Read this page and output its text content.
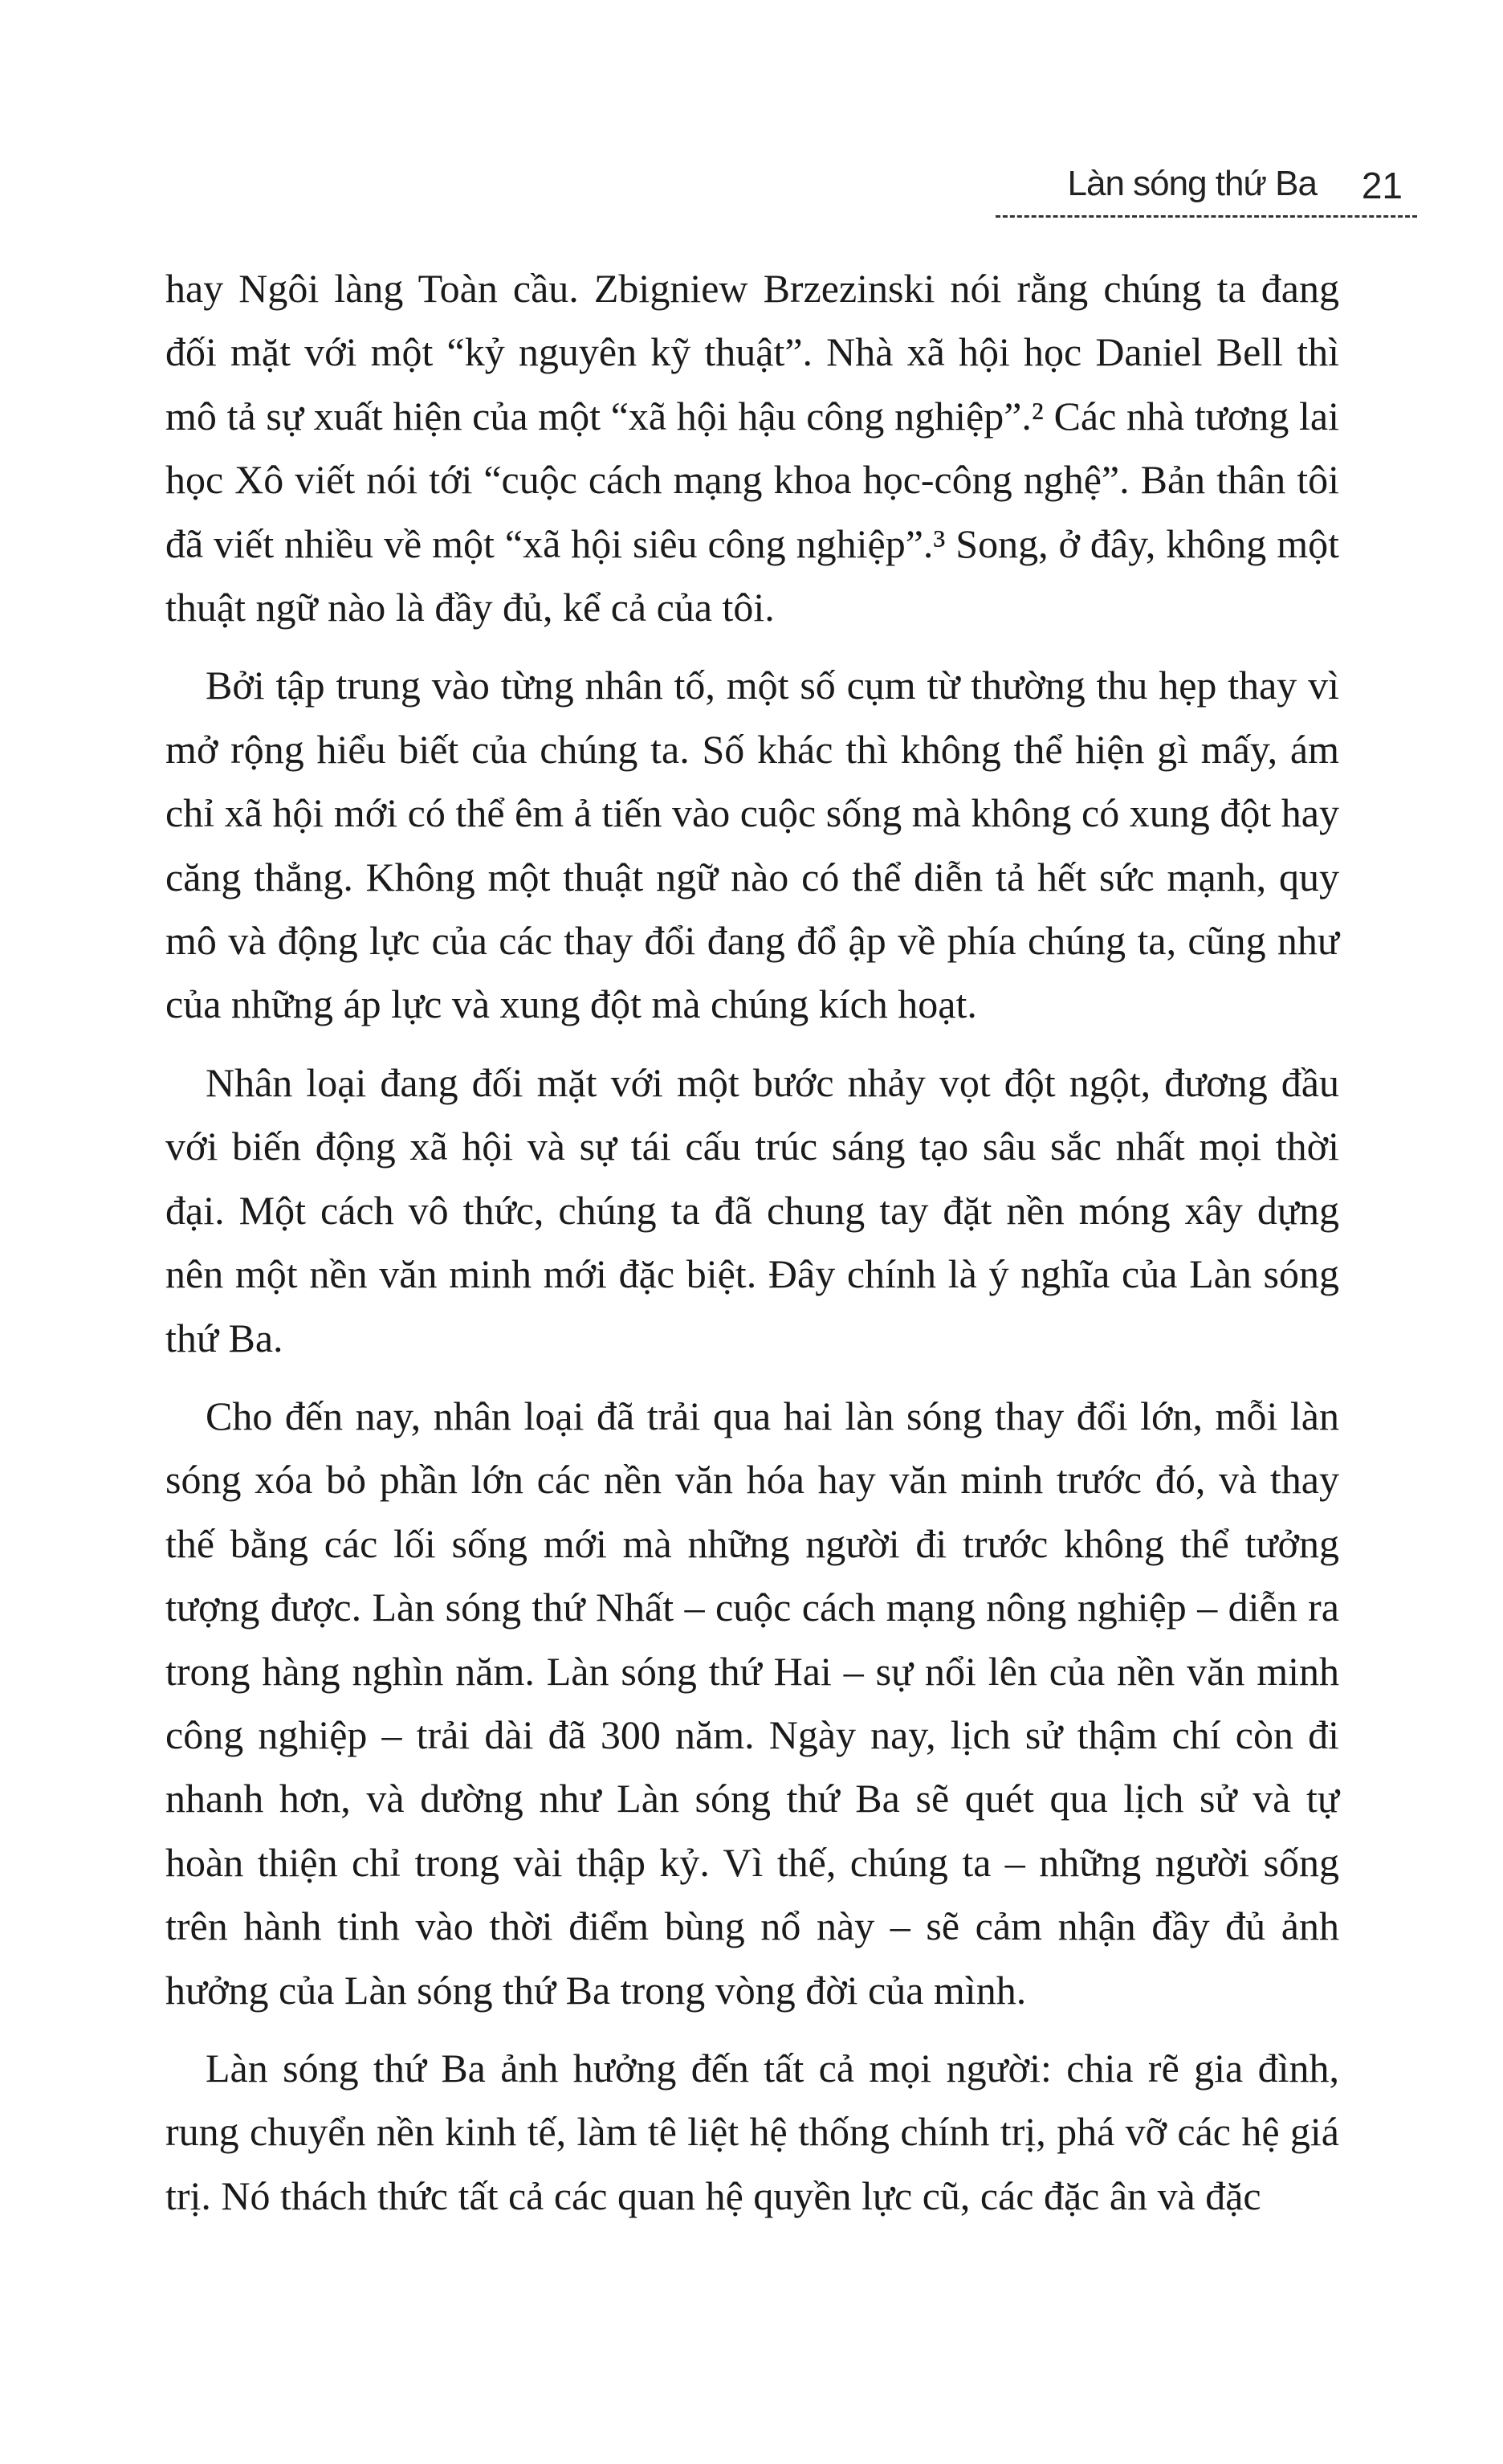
Làn sóng thứ Ba 21

hay Ngôi làng Toàn cầu. Zbigniew Brzezinski nói rằng chúng ta đang đối mặt với một “kỷ nguyên kỹ thuật”. Nhà xã hội học Daniel Bell thì mô tả sự xuất hiện của một “xã hội hậu công nghiệp”.² Các nhà tương lai học Xô viết nói tới “cuộc cách mạng khoa học-công nghệ”. Bản thân tôi đã viết nhiều về một “xã hội siêu công nghiệp”.³ Song, ở đây, không một thuật ngữ nào là đầy đủ, kể cả của tôi.

Bởi tập trung vào từng nhân tố, một số cụm từ thường thu hẹp thay vì mở rộng hiểu biết của chúng ta. Số khác thì không thể hiện gì mấy, ám chỉ xã hội mới có thể êm ả tiến vào cuộc sống mà không có xung đột hay căng thẳng. Không một thuật ngữ nào có thể diễn tả hết sức mạnh, quy mô và động lực của các thay đổi đang đổ ập về phía chúng ta, cũng như của những áp lực và xung đột mà chúng kích hoạt.

Nhân loại đang đối mặt với một bước nhảy vọt đột ngột, đương đầu với biến động xã hội và sự tái cấu trúc sáng tạo sâu sắc nhất mọi thời đại. Một cách vô thức, chúng ta đã chung tay đặt nền móng xây dựng nên một nền văn minh mới đặc biệt. Đây chính là ý nghĩa của Làn sóng thứ Ba.

Cho đến nay, nhân loại đã trải qua hai làn sóng thay đổi lớn, mỗi làn sóng xóa bỏ phần lớn các nền văn hóa hay văn minh trước đó, và thay thế bằng các lối sống mới mà những người đi trước không thể tưởng tượng được. Làn sóng thứ Nhất – cuộc cách mạng nông nghiệp – diễn ra trong hàng nghìn năm. Làn sóng thứ Hai – sự nổi lên của nền văn minh công nghiệp – trải dài đã 300 năm. Ngày nay, lịch sử thậm chí còn đi nhanh hơn, và dường như Làn sóng thứ Ba sẽ quét qua lịch sử và tự hoàn thiện chỉ trong vài thập kỷ. Vì thế, chúng ta – những người sống trên hành tinh vào thời điểm bùng nổ này – sẽ cảm nhận đầy đủ ảnh hưởng của Làn sóng thứ Ba trong vòng đời của mình.

Làn sóng thứ Ba ảnh hưởng đến tất cả mọi người: chia rẽ gia đình, rung chuyển nền kinh tế, làm tê liệt hệ thống chính trị, phá vỡ các hệ giá trị. Nó thách thức tất cả các quan hệ quyền lực cũ, các đặc ân và đặc
